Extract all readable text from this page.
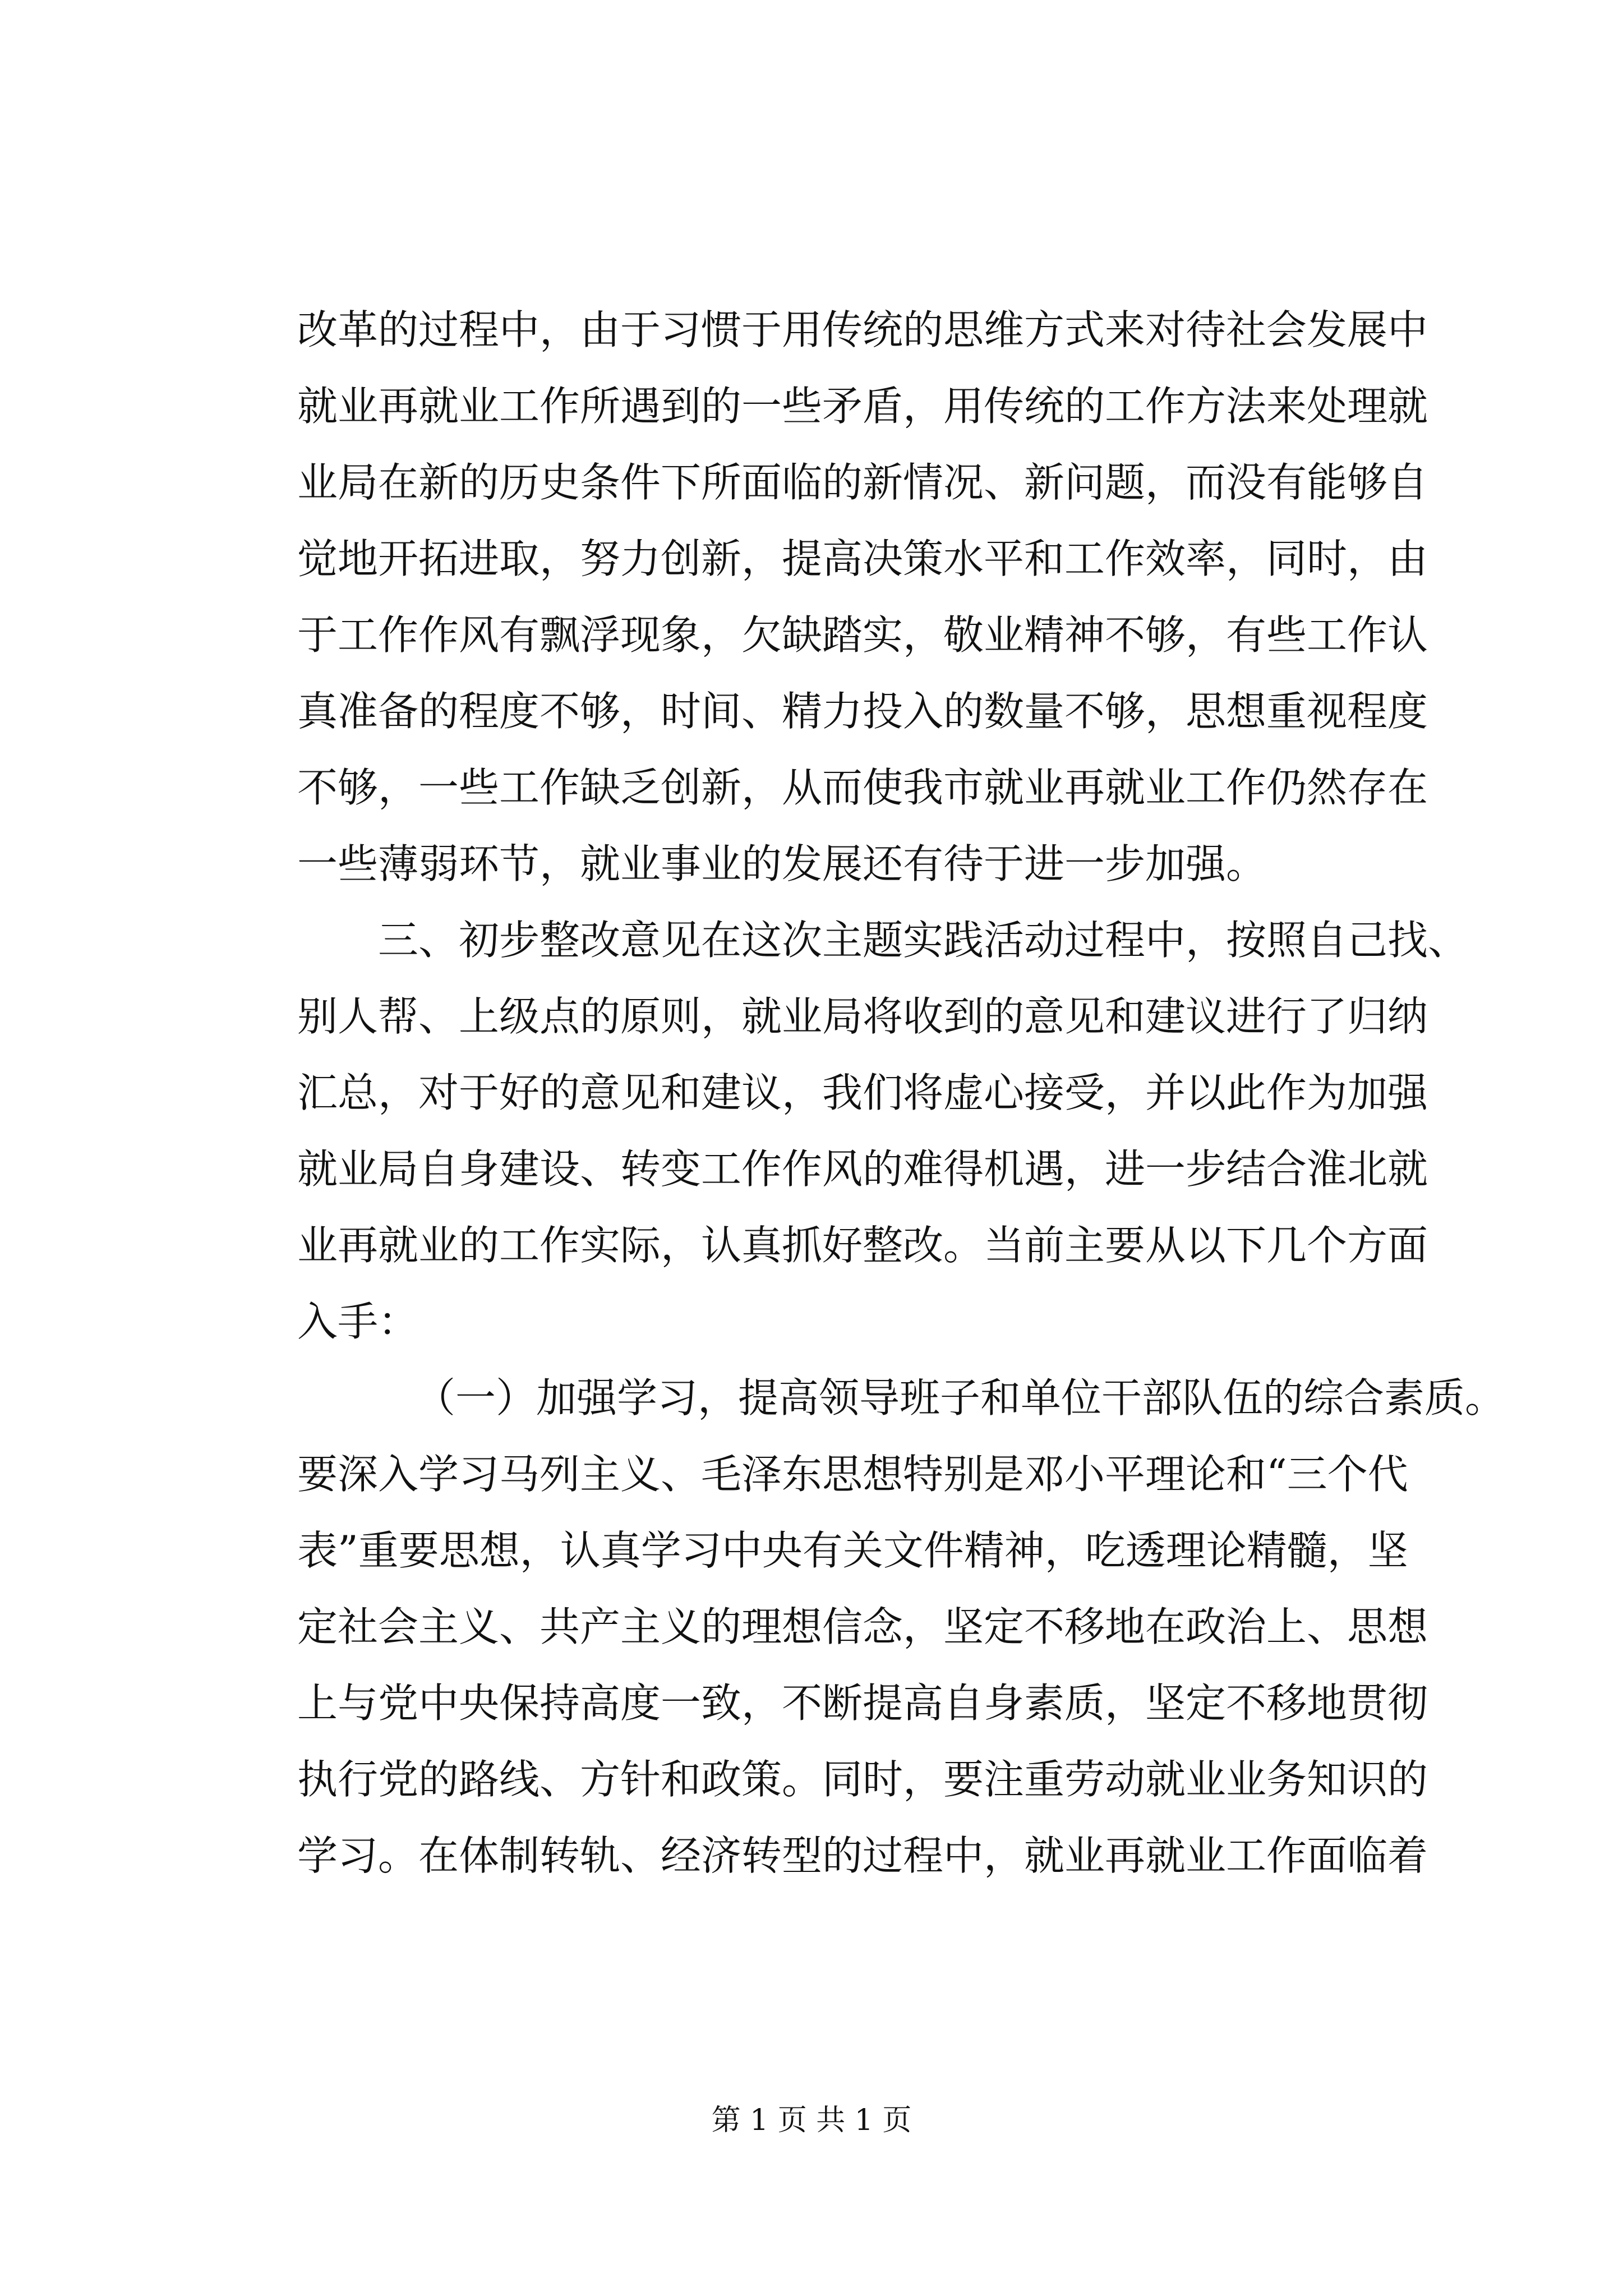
改革的过程中，由于习惯于用传统的思维方式来对待社会发展中
就业再就业工作所遇到的一些矛盾，用传统的工作方法来处理就
业局在新的历史条件下所面临的新情况、新问题，而没有能够自
觉地开拓进取，努力创新，提高决策水平和工作效率，同时，由
于工作作风有飘浮现象，欠缺踏实，敬业精神不够，有些工作认
真准备的程度不够，时间、精力投入的数量不够，思想重视程度
不够，一些工作缺乏创新，从而使我市就业再就业工作仍然存在
一些薄弱环节，就业事业的发展还有待于进一步加强。
三、初步整改意见在这次主题实践活动过程中，按照自己找、
别人帮、上级点的原则，就业局将收到的意见和建议进行了归纳
汇总，对于好的意见和建议，我们将虚心接受，并以此作为加强
就业局自身建设、转变工作作风的难得机遇，进一步结合淮北就
业再就业的工作实际，认真抓好整改。当前主要从以下几个方面
入手：
（一）加强学习，提高领导班子和单位干部队伍的综合素质。
要深入学习马列主义、毛泽东思想特别是邓小平理论和“三个代
表”重要思想，认真学习中央有关文件精神，吃透理论精髓，坚
定社会主义、共产主义的理想信念，坚定不移地在政治上、思想
上与党中央保持高度一致，不断提高自身素质，坚定不移地贯彻
执行党的路线、方针和政策。同时，要注重劳动就业业务知识的
学习。在体制转轨、经济转型的过程中，就业再就业工作面临着
第 1 页 共 1 页
